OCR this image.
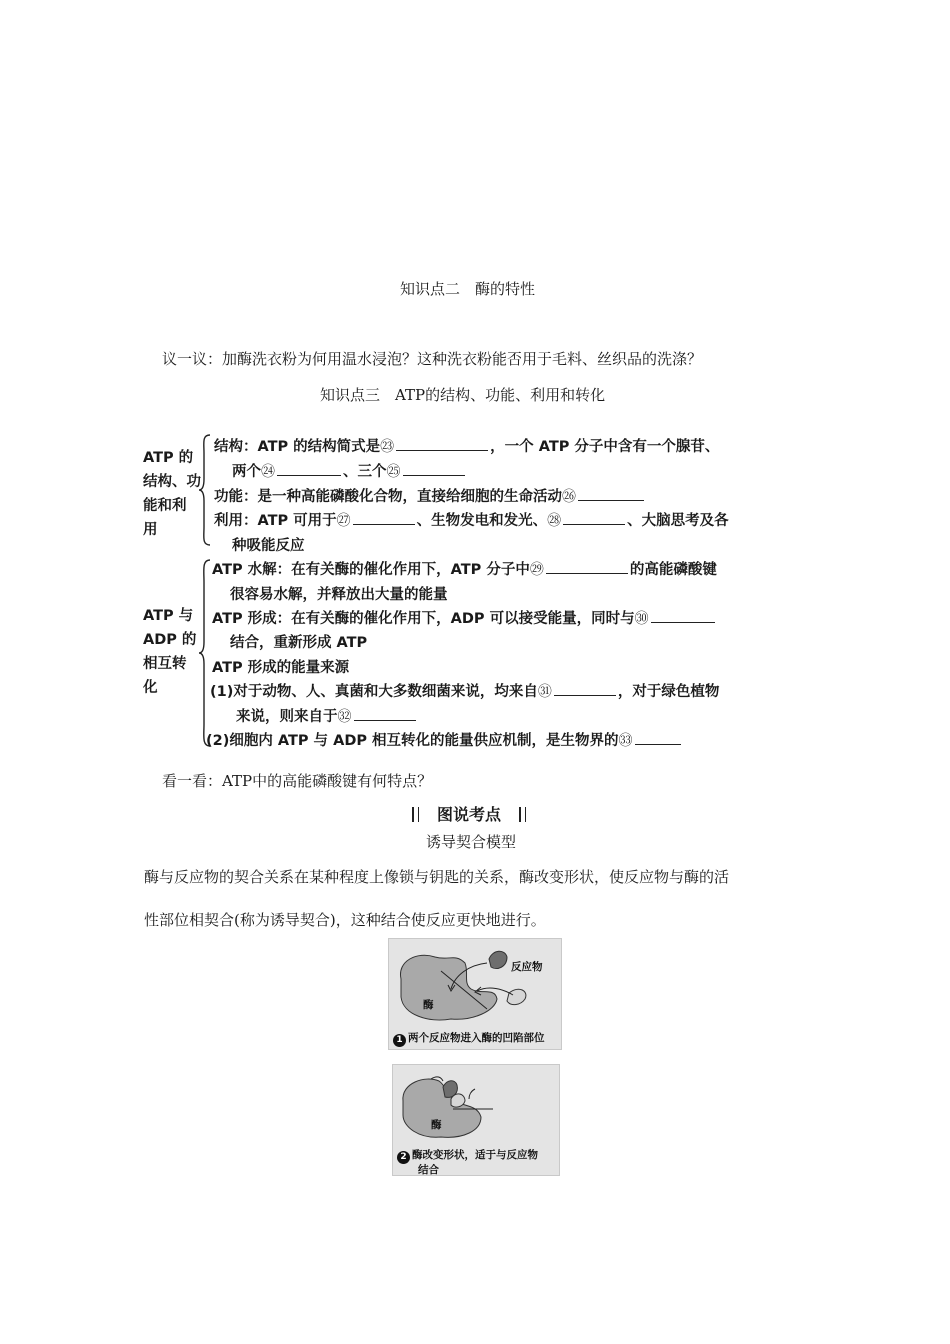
知识点二　酶的特性
议一议：加酶洗衣粉为何用温水浸泡？这种洗衣粉能否用于毛料、丝织品的洗涤？
知识点三　ATP的结构、功能、利用和转化
ATP 的
结构、功
能和利
用
结构：ATP 的结构简式是㉓	，一个 ATP 分子中含有一个腺苷、
两个㉔	、三个㉕
功能：是一种高能磷酸化合物，直接给细胞的生命活动㉖
利用：ATP 可用于㉗	、生物发电和发光、㉘	、大脑思考及各
种吸能反应
ATP 与
ADP 的
相互转
化
ATP 水解：在有关酶的催化作用下，ATP 分子中㉙	的高能磷酸键
很容易水解，并释放出大量的能量
ATP 形成：在有关酶的催化作用下，ADP 可以接受能量，同时与㉚
结合，重新形成 ATP
ATP 形成的能量来源
(1)对于动物、人、真菌和大多数细菌来说，均来自㉛	，对于绿色植物
来说，则来自于㉜
(2)细胞内 ATP 与 ADP 相互转化的能量供应机制，是生物界的㉝
看一看：ATP中的高能磷酸键有何特点？
图说考点
诱导契合模型
酶与反应物的契合关系在某种程度上像锁与钥匙的关系，酶改变形状，使反应物与酶的活
性部位相契合(称为诱导契合)，这种结合使反应更快地进行。
反应物
酶
1 两个反应物进入酶的凹陷部位
酶
2 酶改变形状，适于与反应物
结合
